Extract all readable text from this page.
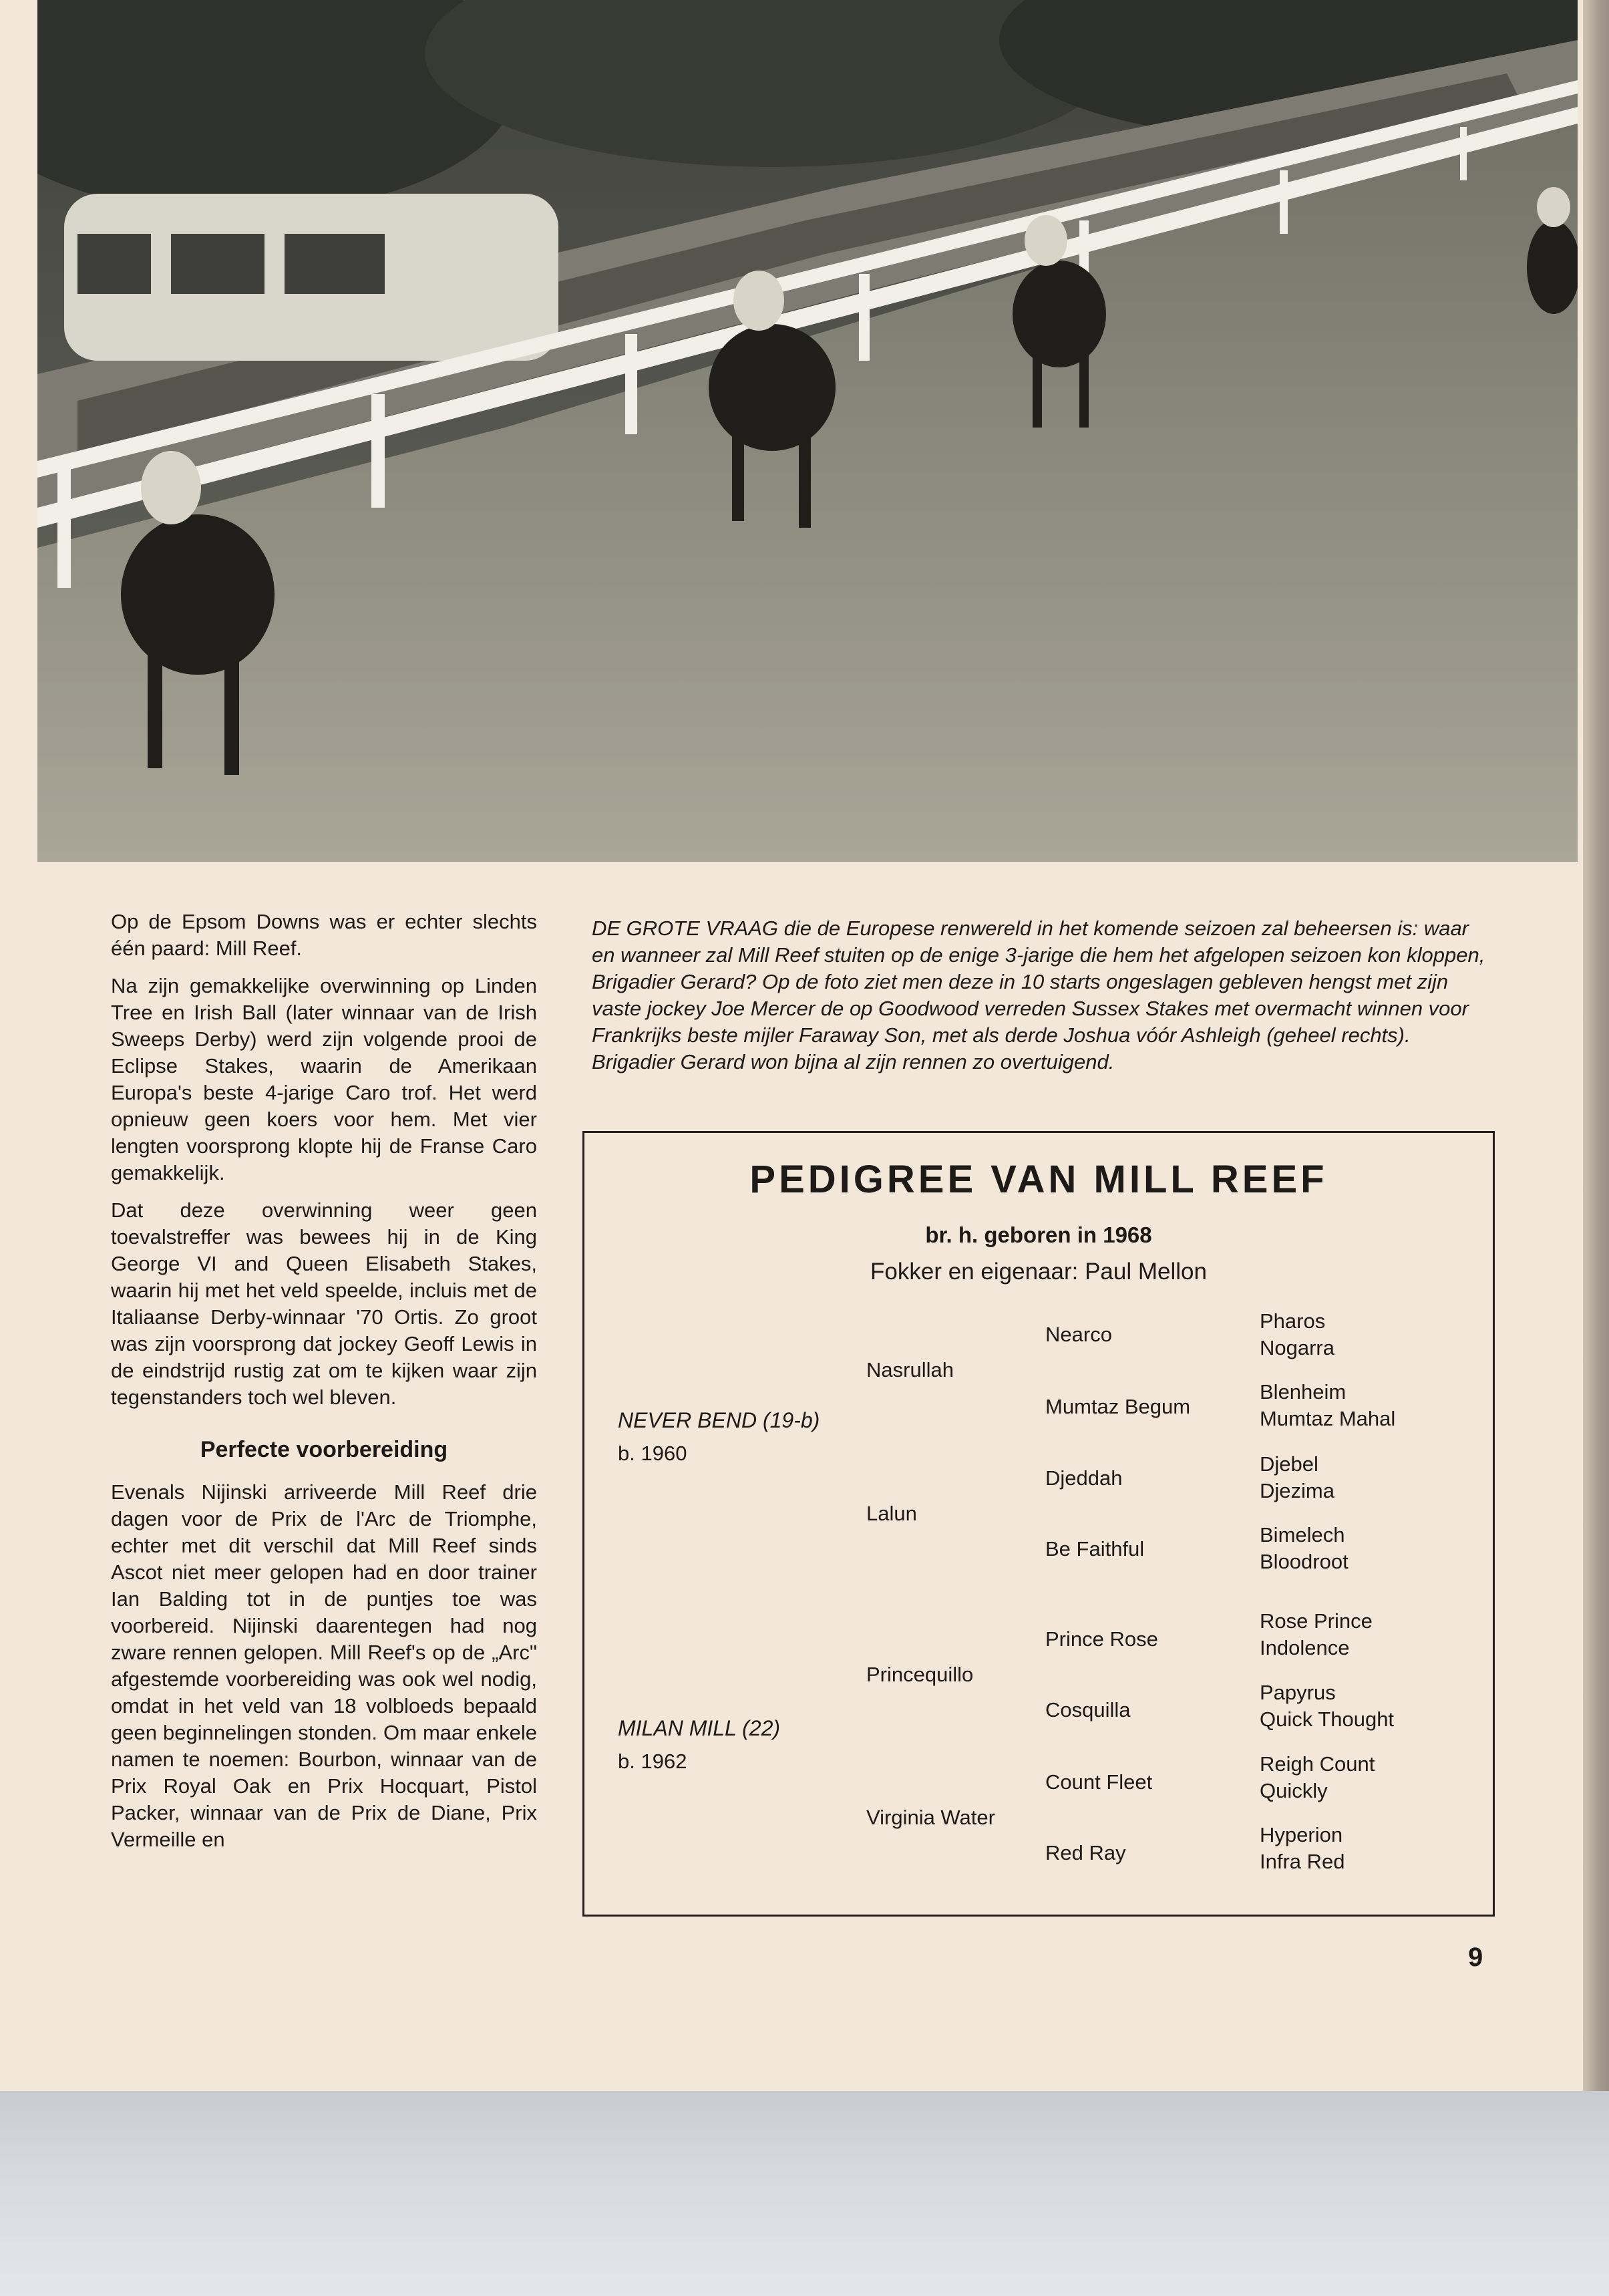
Op de Epsom Downs was er echter slechts één paard: Mill Reef.

Na zijn gemakkelijke overwinning op Linden Tree en Irish Ball (later winnaar van de Irish Sweeps Derby) werd zijn volgende prooi de Eclipse Stakes, waarin de Amerikaan Europa's beste 4-jarige Caro trof. Het werd opnieuw geen koers voor hem. Met vier lengten voorsprong klopte hij de Franse Caro gemakkelijk.

Dat deze overwinning weer geen toevalstreffer was bewees hij in de King George VI and Queen Elisabeth Stakes, waarin hij met het veld speelde, incluis met de Italiaanse Derby-winnaar '70 Ortis. Zo groot was zijn voorsprong dat jockey Geoff Lewis in de eindstrijd rustig zat om te kijken waar zijn tegenstanders toch wel bleven.

Perfecte voorbereiding

Evenals Nijinski arriveerde Mill Reef drie dagen voor de Prix de l'Arc de Triomphe, echter met dit verschil dat Mill Reef sinds Ascot niet meer gelopen had en door trainer Ian Balding tot in de puntjes toe was voorbereid. Nijinski daarentegen had nog zware rennen gelopen. Mill Reef's op de „Arc" afgestemde voorbereiding was ook wel nodig, omdat in het veld van 18 volbloeds bepaald geen beginnelingen stonden. Om maar enkele namen te noemen: Bourbon, winnaar van de Prix Royal Oak en Prix Hocquart, Pistol Packer, winnaar van de Prix de Diane, Prix Vermeille en

DE GROTE VRAAG die de Europese renwereld in het komende seizoen zal beheersen is: waar en wanneer zal Mill Reef stuiten op de enige 3-jarige die hem het afgelopen seizoen kon kloppen, Brigadier Gerard? Op de foto ziet men deze in 10 starts ongeslagen gebleven hengst met zijn vaste jockey Joe Mercer de op Goodwood verreden Sussex Stakes met overmacht winnen voor Frankrijks beste mijler Faraway Son, met als derde Joshua vóór Ashleigh (geheel rechts). Brigadier Gerard won bijna al zijn rennen zo overtuigend.
PEDIGREE VAN MILL REEF
br. h. geboren in 1968
Fokker en eigenaar: Paul Mellon
NEVER BEND (19-b)
b. 1960
MILAN MILL (22)
b. 1962
Nasrullah
Lalun
Princequillo
Virginia Water
Nearco
Mumtaz Begum
Djeddah
Be Faithful
Prince Rose
Cosquilla
Count Fleet
Red Ray
Pharos
Nogarra
Blenheim
Mumtaz Mahal
Djebel
Djezima
Bimelech
Bloodroot
Rose Prince
Indolence
Papyrus
Quick Thought
Reigh Count
Quickly
Hyperion
Infra Red
9
